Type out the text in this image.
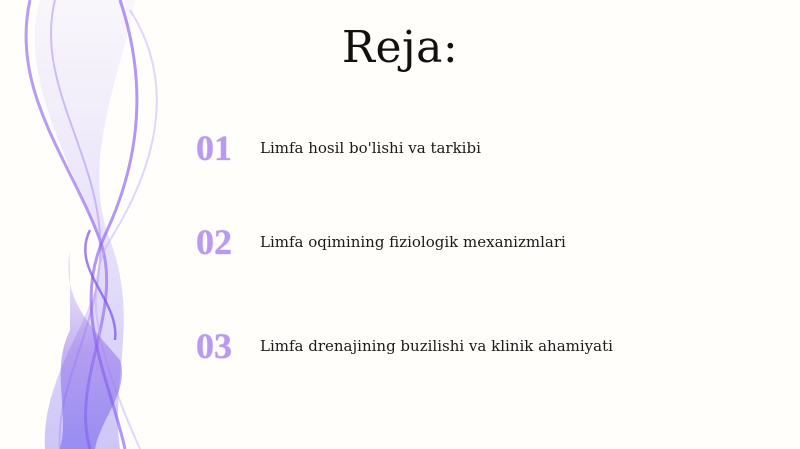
Reja:
01	Limfa hosil bo'lishi va tarkibi
02	Limfa oqimining fiziologik mexanizmlari
03	Limfa drenajining buzilishi va klinik ahamiyati
